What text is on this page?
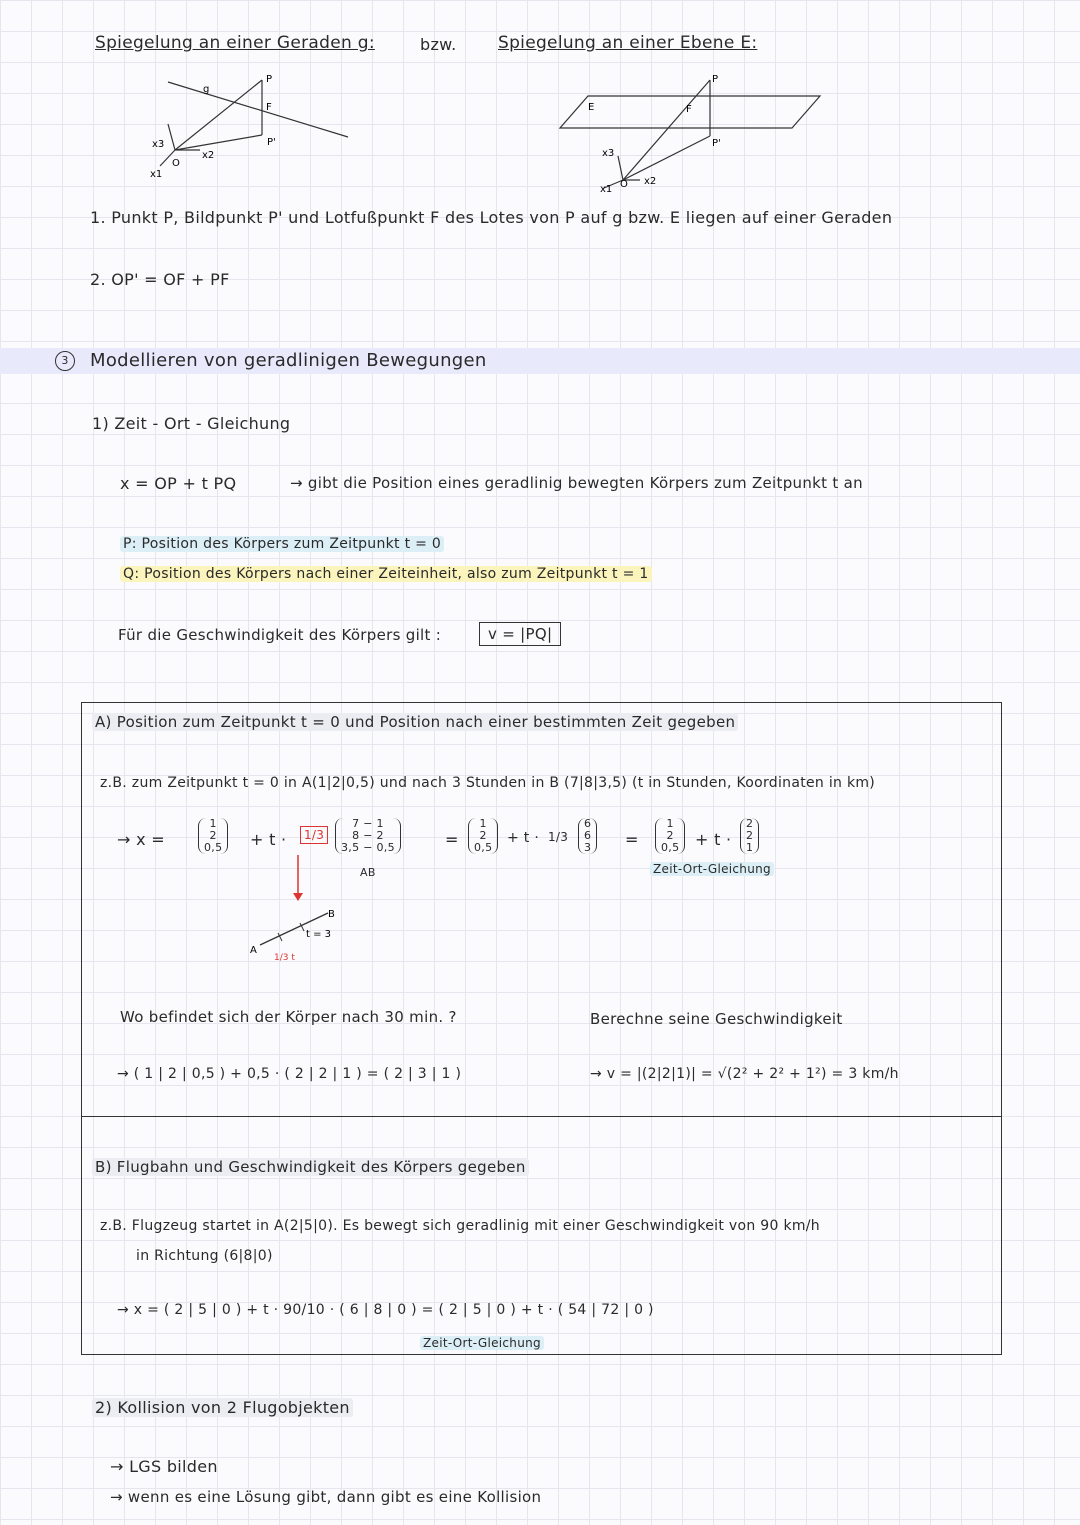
Spiegelung an einer Geraden g:	bzw. Spiegelung an einer Ebene E:
g
P
F
P'
x3
x2
x1
O
E
P
F
P'
x3
x2
x1 O
1. Punkt P, Bildpunkt P' und Lotfußpunkt F des Lotes von P auf g bzw. E liegen auf einer Geraden
2. OP' = OF + PF
3	Modellieren von geradlinigen Bewegungen
1) Zeit - Ort - Gleichung
x = OP + t PQ	→ gibt die Position eines geradlinig bewegten Körpers zum Zeitpunkt t an
P: Position des Körpers zum Zeitpunkt t = 0
Q: Position des Körpers nach einer Zeiteinheit, also zum Zeitpunkt t = 1
Für die Geschwindigkeit des Körpers gilt :	v = |PQ|
A) Position zum Zeitpunkt t = 0 und Position nach einer bestimmten Zeit gegeben
z.B. zum Zeitpunkt t = 0 in A(1|2|0,5) und nach 3 Stunden in B (7|8|3,5) (t in Stunden, Koordinaten in km)
→ x =
1
2
0,5 + t ·	1/3
7 − 1
8 − 2
3,5 − 0,5
AB
=
1
2
0,5
+ t · 1/3
6
6
3 =
1
2
0,5 + t ·
2
2
1
Zeit-Ort-Gleichung
A
B
t = 3
1/3 t
Wo befindet sich der Körper nach 30 min. ?
→ ( 1 | 2 | 0,5 ) + 0,5 · ( 2 | 2 | 1 ) = ( 2 | 3 | 1 )
Berechne seine Geschwindigkeit
→ v = |(2|2|1)| = √(2² + 2² + 1²) = 3 km/h
B) Flugbahn und Geschwindigkeit des Körpers gegeben
z.B. Flugzeug startet in A(2|5|0). Es bewegt sich geradlinig mit einer Geschwindigkeit von 90 km/h
in Richtung (6|8|0)
→ x = ( 2 | 5 | 0 ) + t · 90/10 · ( 6 | 8 | 0 ) = ( 2 | 5 | 0 ) + t · ( 54 | 72 | 0 )
Zeit-Ort-Gleichung
2) Kollision von 2 Flugobjekten
→ LGS bilden
→ wenn es eine Lösung gibt, dann gibt es eine Kollision
